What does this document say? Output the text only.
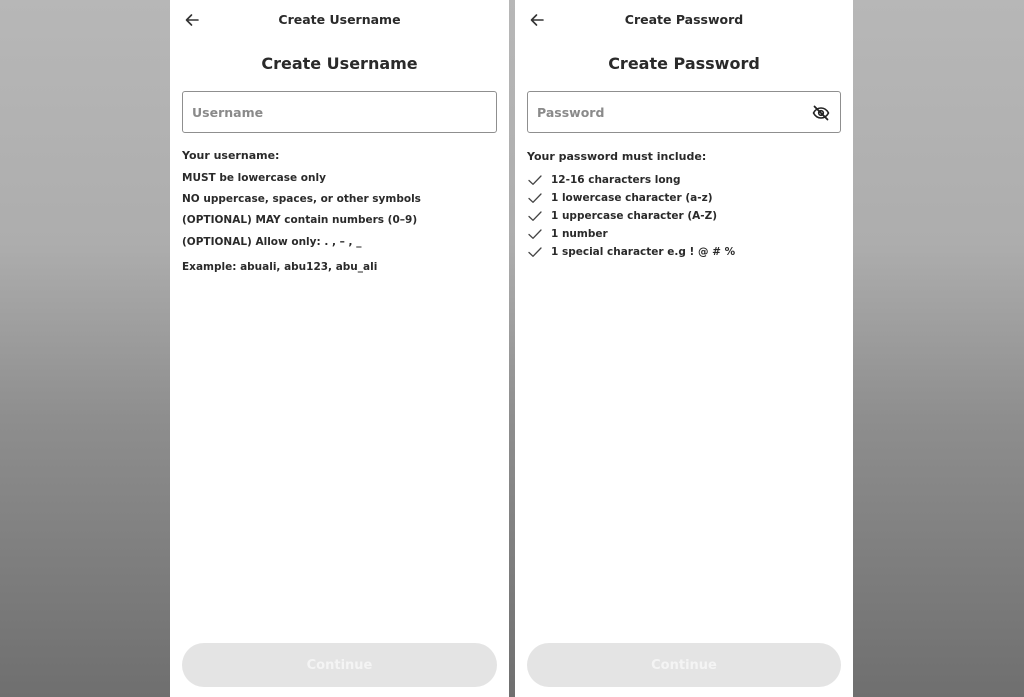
Create Username
Create Username
Username
Your username:
MUST be lowercase only
NO uppercase, spaces, or other symbols
(OPTIONAL) MAY contain numbers (0–9)
(OPTIONAL) Allow only: . , – , _
Example: abuali, abu123, abu_ali
Continue
Create Password
Create Password
Your password must include:
12-16 characters long
1 lowercase character (a-z)
1 uppercase character (A-Z)
1 number
1 special character e.g ! @ # %
Continue
